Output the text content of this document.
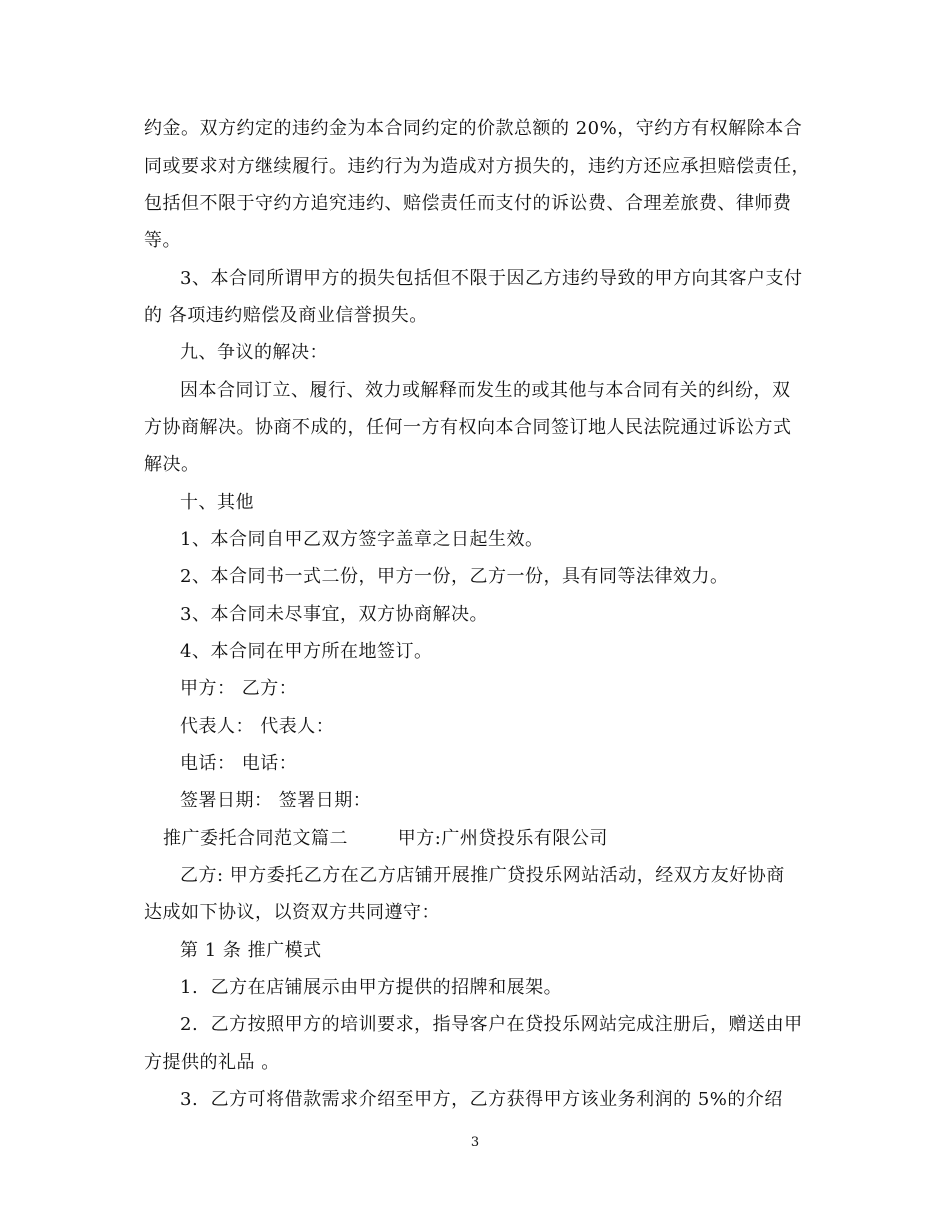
约金。双方约定的违约金为本合同约定的价款总额的 20%，守约方有权解除本合
同或要求对方继续履行。违约行为为造成对方损失的，违约方还应承担赔偿责任，
包括但不限于守约方追究违约、赔偿责任而支付的诉讼费、合理差旅费、律师费
等。
3、本合同所谓甲方的损失包括但不限于因乙方违约导致的甲方向其客户支付
的 各项违约赔偿及商业信誉损失。
九、争议的解决：
因本合同订立、履行、效力或解释而发生的或其他与本合同有关的纠纷，双
方协商解决。协商不成的，任何一方有权向本合同签订地人民法院通过诉讼方式
解决。
十、其他
1、本合同自甲乙双方签字盖章之日起生效。
2、本合同书一式二份，甲方一份，乙方一份，具有同等法律效力。
3、本合同未尽事宜，双方协商解决。
4、本合同在甲方所在地签订。
甲方： 乙方：
代表人： 代表人：
电话： 电话：
签署日期： 签署日期：
推广委托合同范文篇二        甲方:广州贷投乐有限公司
乙方: 甲方委托乙方在乙方店铺开展推广贷投乐网站活动，经双方友好协商
达成如下协议，以资双方共同遵守：
第 1 条 推广模式
1.  乙方在店铺展示由甲方提供的招牌和展架。
2.  乙方按照甲方的培训要求，指导客户在贷投乐网站完成注册后，赠送由甲
方提供的礼品 。
3.  乙方可将借款需求介绍至甲方，乙方获得甲方该业务利润的 5%的介绍
3
